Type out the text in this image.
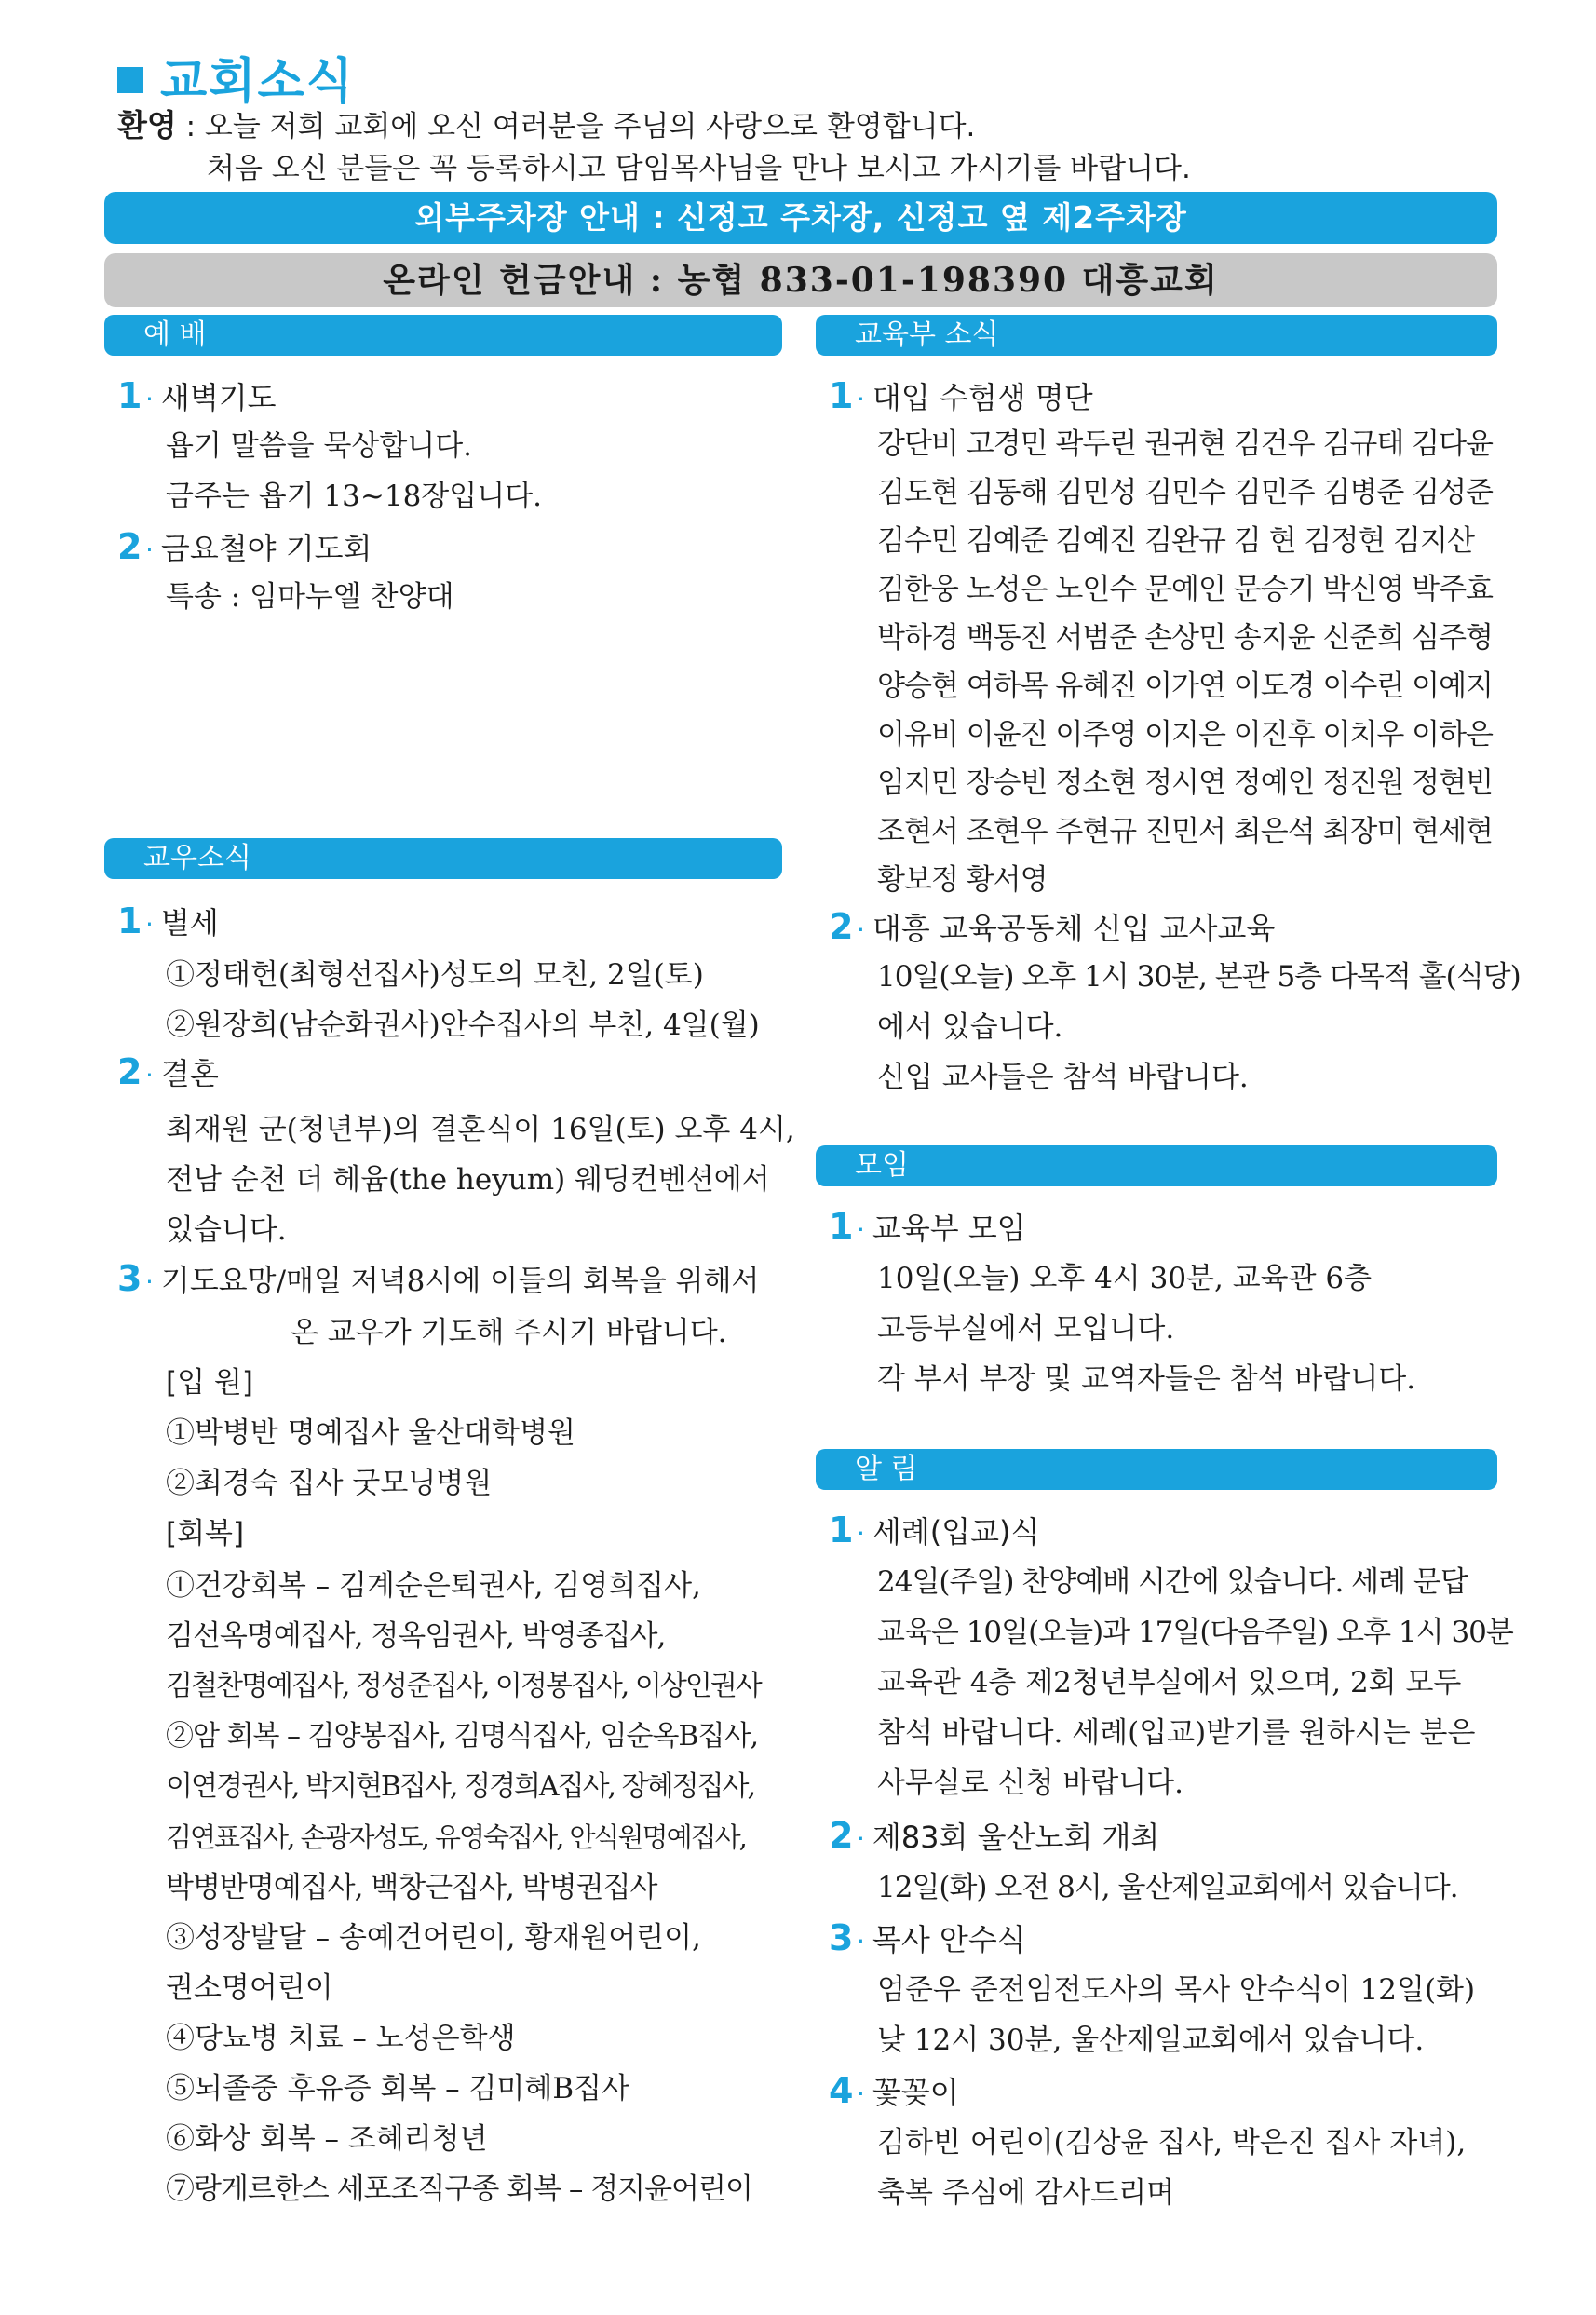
교회소식
환영 : 오늘 저희 교회에 오신 여러분을 주님의 사랑으로 환영합니다.
처음 오신 분들은 꼭 등록하시고 담임목사님을 만나 보시고 가시기를 바랍니다.
외부주차장 안내 : 신정고 주차장, 신정고 옆 제2주차장
온라인 헌금안내 : 농협 833-01-198390 대흥교회
예 배
1 · 새벽기도
욥기 말씀을 묵상합니다.
금주는 욥기 13~18장입니다.
2 · 금요철야 기도회
특송 : 임마누엘 찬양대
교우소식
1 · 별세
①정태헌(최형선집사)성도의 모친, 2일(토)
②원장희(남순화권사)안수집사의 부친, 4일(월)
2 · 결혼
최재원 군(청년부)의 결혼식이 16일(토) 오후 4시,
전남 순천 더 헤윰(the heyum) 웨딩컨벤션에서
있습니다.
3 · 기도요망/매일 저녁8시에 이들의 회복을 위해서
온 교우가 기도해 주시기 바랍니다.
[입 원]
①박병반 명예집사 울산대학병원
②최경숙 집사 굿모닝병원
[회복]
①건강회복 – 김계순은퇴권사, 김영희집사,
김선옥명예집사, 정옥임권사, 박영종집사,
김철찬명예집사, 정성준집사, 이정봉집사, 이상인권사
②암 회복 – 김양봉집사, 김명식집사, 임순옥B집사,
이연경권사, 박지현B집사, 정경희A집사, 장혜정집사,
김연표집사, 손광자성도, 유영숙집사, 안식원명예집사,
박병반명예집사, 백창근집사, 박병권집사
③성장발달 – 송예건어린이, 황재원어린이,
권소명어린이
④당뇨병 치료 – 노성은학생
⑤뇌졸중 후유증 회복 – 김미혜B집사
⑥화상 회복 – 조혜리청년
⑦랑게르한스 세포조직구종 회복 – 정지윤어린이
교육부 소식
1 · 대입 수험생 명단
강단비 고경민 곽두린 권귀현 김건우 김규태 김다윤
김도현 김동해 김민성 김민수 김민주 김병준 김성준
김수민 김예준 김예진 김완규 김 현 김정현 김지산
김한웅 노성은 노인수 문예인 문승기 박신영 박주효
박하경 백동진 서범준 손상민 송지윤 신준희 심주형
양승현 여하목 유혜진 이가연 이도경 이수린 이예지
이유비 이윤진 이주영 이지은 이진후 이치우 이하은
임지민 장승빈 정소현 정시연 정예인 정진원 정현빈
조현서 조현우 주현규 진민서 최은석 최장미 현세현
황보정 황서영
2 · 대흥 교육공동체 신입 교사교육
10일(오늘) 오후 1시 30분, 본관 5층 다목적 홀(식당)
에서 있습니다.
신입 교사들은 참석 바랍니다.
모임
1 · 교육부 모임
10일(오늘) 오후 4시 30분, 교육관 6층
고등부실에서 모입니다.
각 부서 부장 및 교역자들은 참석 바랍니다.
알 림
1 · 세례(입교)식
24일(주일) 찬양예배 시간에 있습니다. 세례 문답
교육은 10일(오늘)과 17일(다음주일) 오후 1시 30분
교육관 4층 제2청년부실에서 있으며, 2회 모두
참석 바랍니다. 세례(입교)받기를 원하시는 분은
사무실로 신청 바랍니다.
2 · 제83회 울산노회 개최
12일(화) 오전 8시, 울산제일교회에서 있습니다.
3 · 목사 안수식
엄준우 준전임전도사의 목사 안수식이 12일(화)
낮 12시 30분, 울산제일교회에서 있습니다.
4 · 꽃꽂이
김하빈 어린이(김상윤 집사, 박은진 집사 자녀),
축복 주심에 감사드리며
